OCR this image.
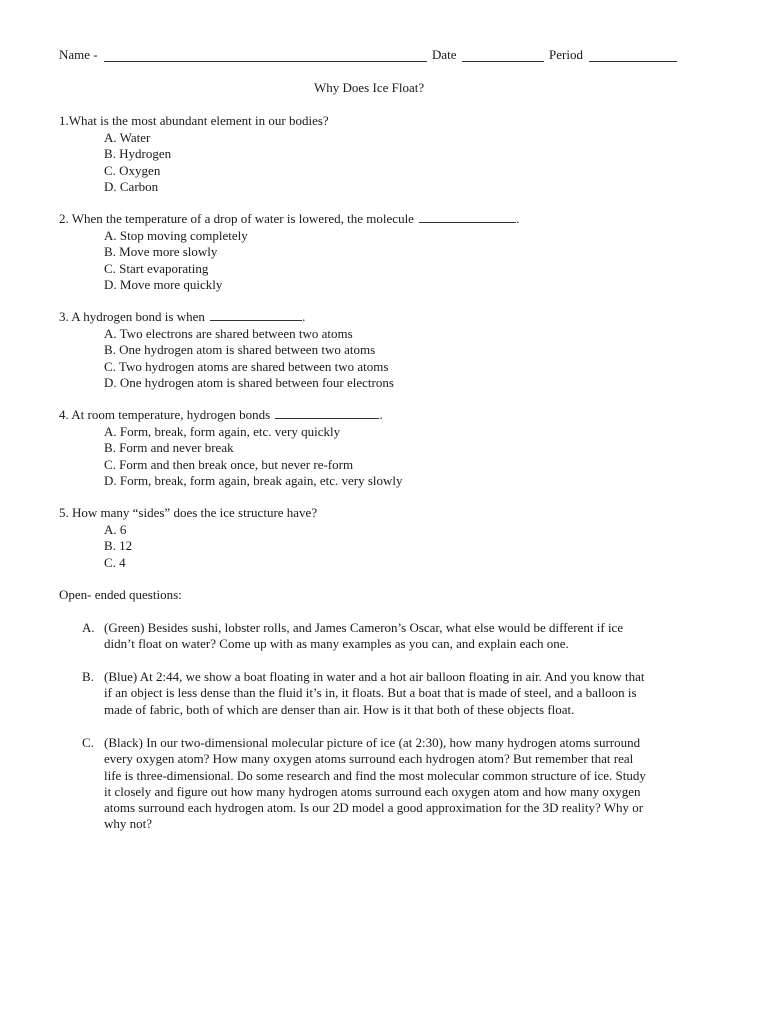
Name -	Date	Period
Why Does Ice Float?
1.What is the most abundant element in our bodies?
A. Water
B. Hydrogen
C. Oxygen
D. Carbon
2. When the temperature of a drop of water is lowered, the molecule	.
A. Stop moving completely
B. Move more slowly
C. Start evaporating
D. Move more quickly
3. A hydrogen bond is when	.
A. Two electrons are shared between two atoms
B. One hydrogen atom is shared between two atoms
C. Two hydrogen atoms are shared between two atoms
D. One hydrogen atom is shared between four electrons
4. At room temperature, hydrogen bonds	.
A. Form, break, form again, etc. very quickly
B. Form and never break
C. Form and then break once, but never re-form
D. Form, break, form again, break again, etc. very slowly
5. How many “sides” does the ice structure have?
A. 6
B. 12
C. 4
Open- ended questions:
A. (Green) Besides sushi, lobster rolls, and James Cameron’s Oscar, what else would be different if ice
didn’t float on water? Come up with as many examples as you can, and explain each one.
B. (Blue) At 2:44, we show a boat floating in water and a hot air balloon floating in air. And you know that
if an object is less dense than the fluid it’s in, it floats. But a boat that is made of steel, and a balloon is
made of fabric, both of which are denser than air. How is it that both of these objects float.
C. (Black) In our two-dimensional molecular picture of ice (at 2:30), how many hydrogen atoms surround
every oxygen atom? How many oxygen atoms surround each hydrogen atom? But remember that real
life is three-dimensional. Do some research and find the most molecular common structure of ice. Study
it closely and figure out how many hydrogen atoms surround each oxygen atom and how many oxygen
atoms surround each hydrogen atom. Is our 2D model a good approximation for the 3D reality? Why or
why not?
